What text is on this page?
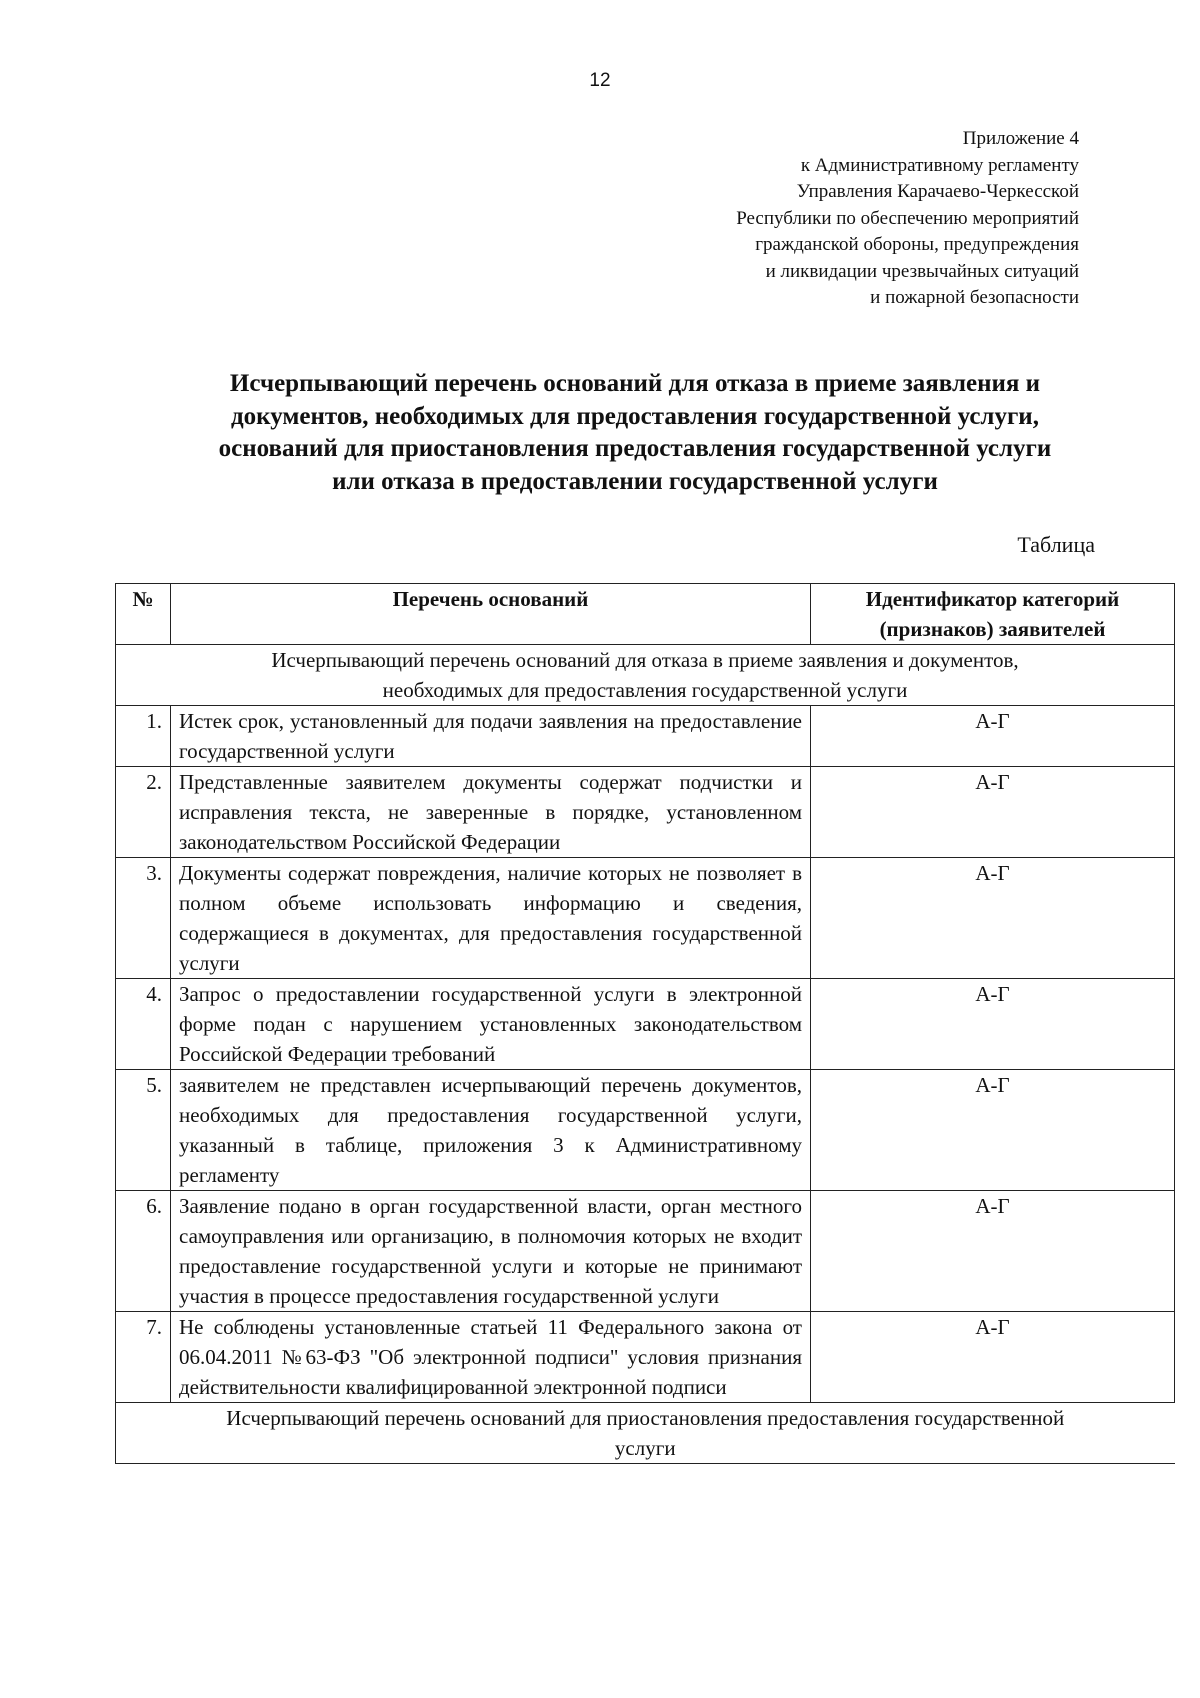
12
Приложение 4
к Административному регламенту
Управления Карачаево-Черкесской
Республики по обеспечению мероприятий
гражданской обороны, предупреждения
и ликвидации чрезвычайных ситуаций
и пожарной безопасности
Исчерпывающий перечень оснований для отказа в приеме заявления и
документов, необходимых для предоставления государственной услуги,
оснований для приостановления предоставления государственной услуги
или отказа в предоставлении государственной услуги
Таблица
№	Перечень оснований	Идентификатор категорий
(признаков) заявителей

Исчерпывающий перечень оснований для отказа в приеме заявления и документов,
необходимых для предоставления государственной услуги		

1.	Истек срок, установленный для подачи заявления на предоставление государственной услуги	А-Г
2.	Представленные заявителем документы содержат подчистки и исправления текста, не заверенные в порядке, установленном законодательством Российской Федерации	А-Г
3.	Документы содержат повреждения, наличие которых не позволяет в полном объеме использовать информацию и сведения, содержащиеся в документах, для предоставления государственной услуги	А-Г
4.	Запрос о предоставлении государственной услуги в электронной форме подан с нарушением установленных законодательством Российской Федерации требований	А-Г
5.	заявителем не представлен исчерпывающий перечень документов, необходимых для предоставления государственной услуги, указанный в таблице, приложения 3 к Административному регламенту	А-Г
6.	Заявление подано в орган государственной власти, орган местного самоуправления или организацию, в полномочия которых не входит предоставление государственной услуги и которые не принимают участия в процессе предоставления государственной услуги	А-Г
7.	Не соблюдены установленные статьей 11 Федерального закона от 06.04.2011 №63-ФЗ "Об электронной подписи" условия признания действительности квалифицированной электронной подписи	А-Г

Исчерпывающий перечень оснований для приостановления предоставления государственной
услуги		
